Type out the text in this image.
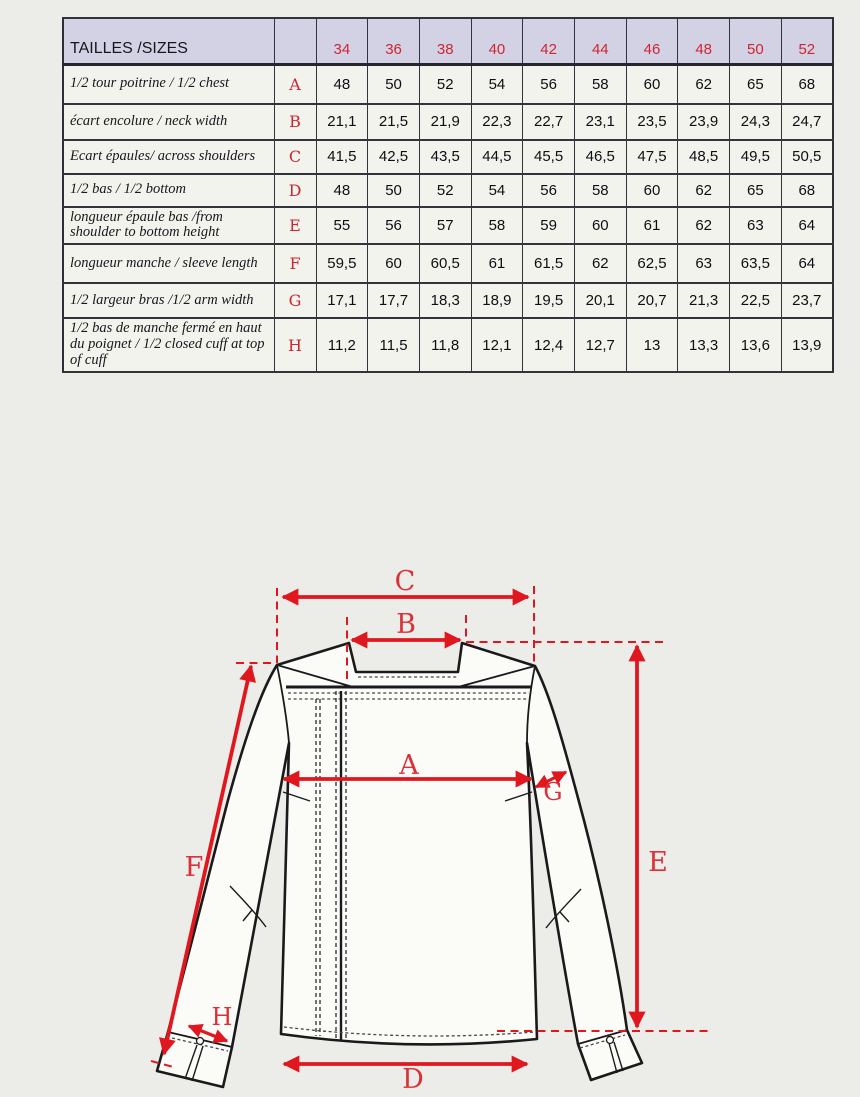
TAILLES /SIZES		34	36	38	40	42	44	46	48	50	52
1/2 tour poitrine / 1/2 chest	A	48	50	52	54	56	58	60	62	65	68
écart encolure / neck width	B	21,1	21,5	21,9	22,3	22,7	23,1	23,5	23,9	24,3	24,7
Ecart épaules/ across shoulders	C	41,5	42,5	43,5	44,5	45,5	46,5	47,5	48,5	49,5	50,5
1/2 bas / 1/2 bottom	D	48	50	52	54	56	58	60	62	65	68
longueur épaule bas /from shoulder to bottom height	E	55	56	57	58	59	60	61	62	63	64
longueur manche / sleeve length	F	59,5	60	60,5	61	61,5	62	62,5	63	63,5	64
1/2 largeur bras /1/2 arm width	G	17,1	17,7	18,3	18,9	19,5	20,1	20,7	21,3	22,5	23,7
1/2 bas de manche fermé en haut du poignet / 1/2 closed cuff at top of cuff	H	11,2	11,5	11,8	12,1	12,4	12,7	13	13,3	13,6	13,9
C
B
A
G
E
F
H
D
